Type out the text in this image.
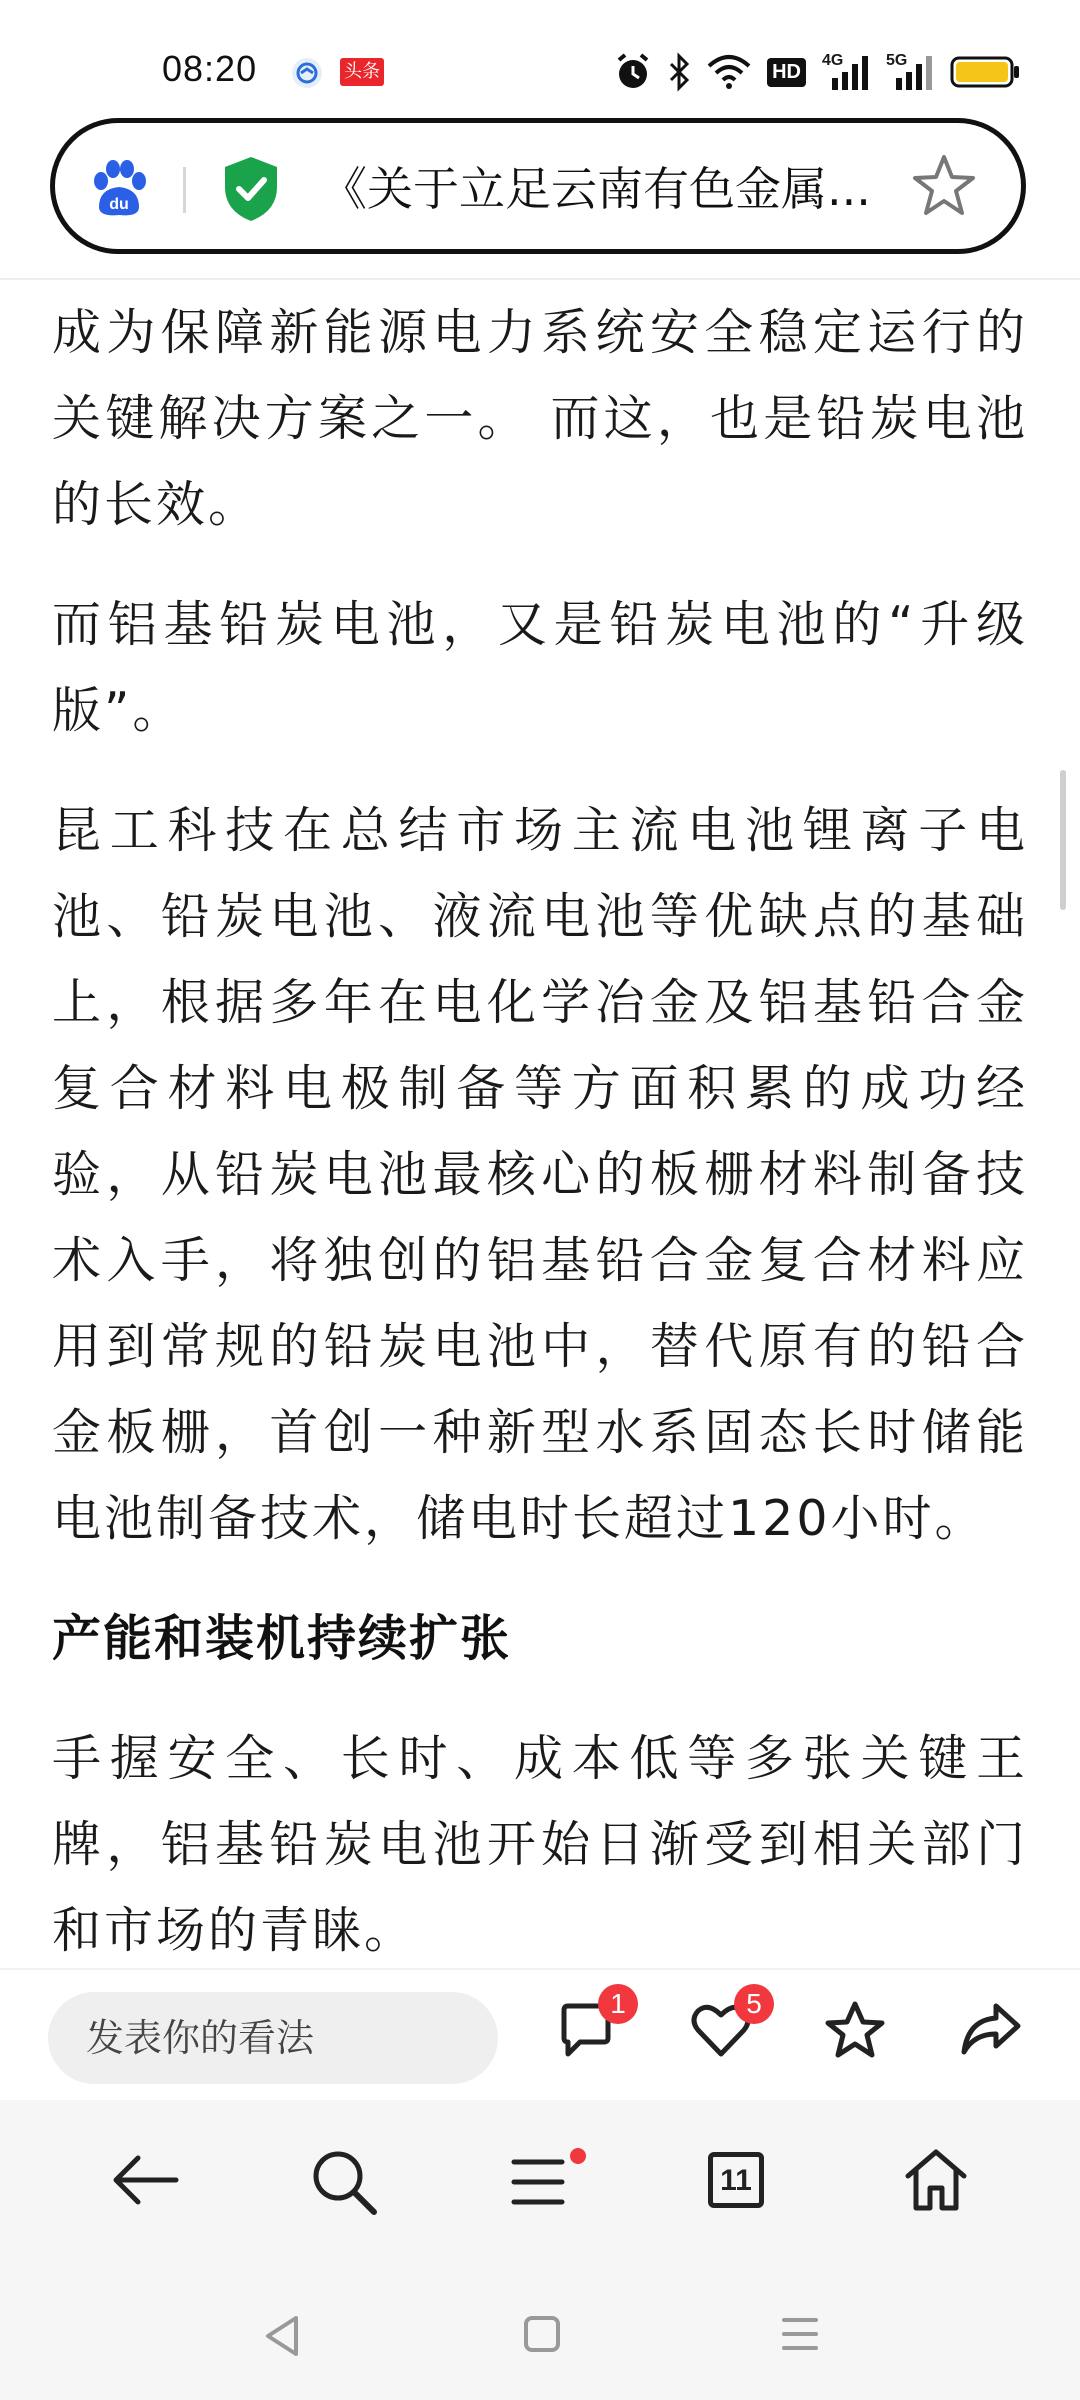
08:20	头条	HD	4G	5G
du	《关于立足云南有色金属...

成为保障新能源电力系统安全稳定运行的关键解决方案之一。 而这，也是铅炭电池的长效。

而铝基铅炭电池，又是铅炭电池的“升级版”。

昆工科技在总结市场主流电池锂离子电池、铅炭电池、液流电池等优缺点的基础上，根据多年在电化学冶金及铝基铅合金复合材料电极制备等方面积累的成功经验，从铅炭电池最核心的板栅材料制备技术入手，将独创的铝基铅合金复合材料应用到常规的铅炭电池中，替代原有的铅合金板栅，首创一种新型水系固态长时储能电池制备技术，储电时长超过120小时。

产能和装机持续扩张

手握安全、长时、成本低等多张关键王牌，铝基铅炭电池开始日渐受到相关部门和市场的青睐。

发表你的看法
1	5
11
